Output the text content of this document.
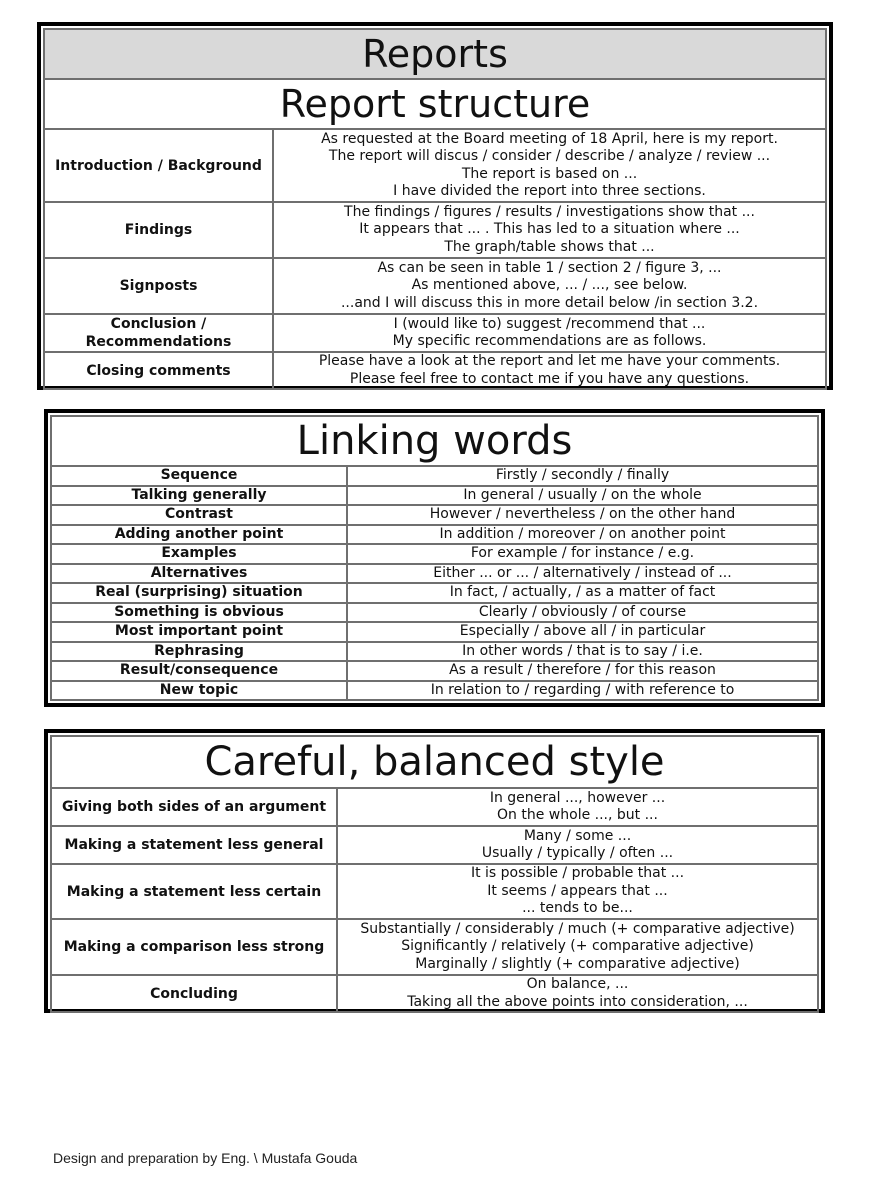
Reports	
Report structure	

Introduction / Background	As requested at the Board meeting of 18 April, here is my report.
The report will discus / consider / describe / analyze / review ...
The report is based on ...
I have divided the report into three sections.

Findings	The findings / figures / results / investigations show that ...
It appears that ... . This has led to a situation where ...
The graph/table shows that ...

Signposts	As can be seen in table 1 / section 2 / figure 3, ...
As mentioned above, ... / ..., see below.
...and I will discuss this in more detail below /in section 3.2.

Conclusion / Recommendations	I (would like to) suggest /recommend that ...
My specific recommendations are as follows.

Closing comments	Please have a look at the report and let me have your comments.
Please feel free to contact me if you have any questions.
Linking words	
Sequence	Firstly / secondly / finally
Talking generally	In general / usually / on the whole
Contrast	However / nevertheless / on the other hand
Adding another point	In addition / moreover / on another point
Examples	For example / for instance / e.g.
Alternatives	Either ... or ... / alternatively / instead of ...
Real (surprising) situation	In fact, / actually, / as a matter of fact
Something is obvious	Clearly / obviously / of course
Most important point	Especially / above all / in particular
Rephrasing	In other words / that is to say / i.e.
Result/consequence	As a result / therefore / for this reason
New topic	In relation to / regarding / with reference to
Careful, balanced style	
Giving both sides of an argument	In general ..., however ...
On the whole ..., but ...

Making a statement less general	Many / some ...
Usually / typically / often ...

Making a statement less certain	It is possible / probable that ...
It seems / appears that ...
... tends to be...

Making a comparison less strong	Substantially / considerably / much (+ comparative adjective)
Significantly / relatively (+ comparative adjective)
Marginally / slightly (+ comparative adjective)

Concluding	On balance, ...
Taking all the above points into consideration, ...
Design and preparation by Eng. \ Mustafa Gouda
